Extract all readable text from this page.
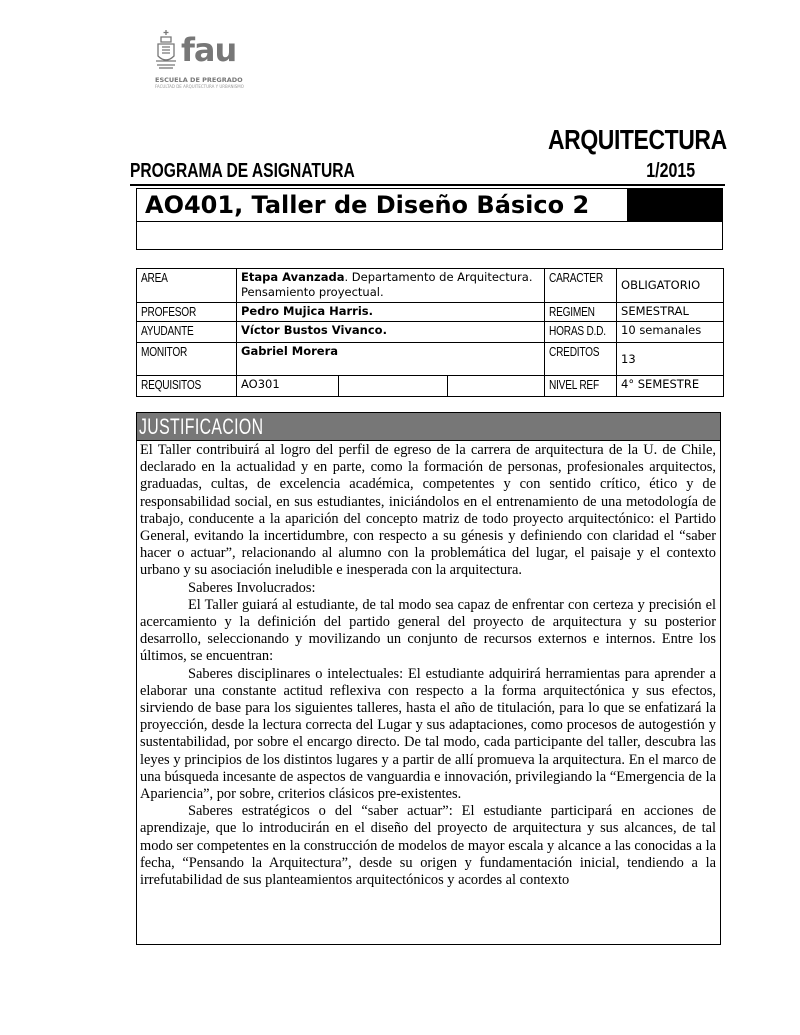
fau
ESCUELA DE PREGRADO
FACULTAD DE ARQUITECTURA Y URBANISMO
ARQUITECTURA
PROGRAMA DE ASIGNATURA	1/2015
AO401, Taller de Diseño Básico 2
AREA	Etapa Avanzada. Departamento de Arquitectura. Pensamiento proyectual.			CARACTER	OBLIGATORIO
PROFESOR	Pedro Mujica Harris.			REGIMEN	SEMESTRAL
AYUDANTE	Víctor Bustos Vivanco.			HORAS D.D.	10 semanales
MONITOR	Gabriel Morera			CREDITOS	13
REQUISITOS	AO301			NIVEL REF	4° SEMESTRE
JUSTIFICACION

El Taller contribuirá al logro del perfil de egreso de la carrera de arquitectura de la U. de Chile, declarado en la actualidad y en parte, como la formación de personas, profesionales arquitectos, graduadas, cultas, de excelencia académica, competentes y con sentido crítico, ético y de responsabilidad social, en sus estudiantes, iniciándolos en el entrenamiento de una metodología de trabajo, conducente a la aparición del concepto matriz de todo proyecto arquitectónico: el Partido General, evitando la incertidumbre, con respecto a su génesis y definiendo con claridad el “saber hacer o actuar”, relacionando al alumno con la problemática del lugar, el paisaje y el contexto urbano y su asociación ineludible e inesperada con la arquitectura.

Saberes Involucrados:

El Taller guiará al estudiante, de tal modo sea capaz de enfrentar con certeza y precisión el acercamiento y la definición del partido general del proyecto de arquitectura y su posterior desarrollo, seleccionando y movilizando un conjunto de recursos externos e internos. Entre los últimos, se encuentran:

Saberes disciplinares o intelectuales: El estudiante adquirirá herramientas para aprender a elaborar una constante actitud reflexiva con respecto a la forma arquitectónica y sus efectos, sirviendo de base para los siguientes talleres, hasta el año de titulación, para lo que se enfatizará la proyección, desde la lectura correcta del Lugar y sus adaptaciones, como procesos de autogestión y sustentabilidad, por sobre el encargo directo. De tal modo, cada participante del taller, descubra las leyes y principios de los distintos lugares y a partir de allí promueva la arquitectura. En el marco de una búsqueda incesante de aspectos de vanguardia e innovación, privilegiando la “Emergencia de la Apariencia”, por sobre, criterios clásicos pre-existentes.

Saberes estratégicos o del “saber actuar”: El estudiante participará en acciones de aprendizaje, que lo introducirán en el diseño del proyecto de arquitectura y sus alcances, de tal modo ser competentes en la construcción de modelos de mayor escala y alcance a las conocidas a la fecha, “Pensando la Arquitectura”, desde su origen y fundamentación inicial, tendiendo a la irrefutabilidad de sus planteamientos arquitectónicos y acordes al contexto
